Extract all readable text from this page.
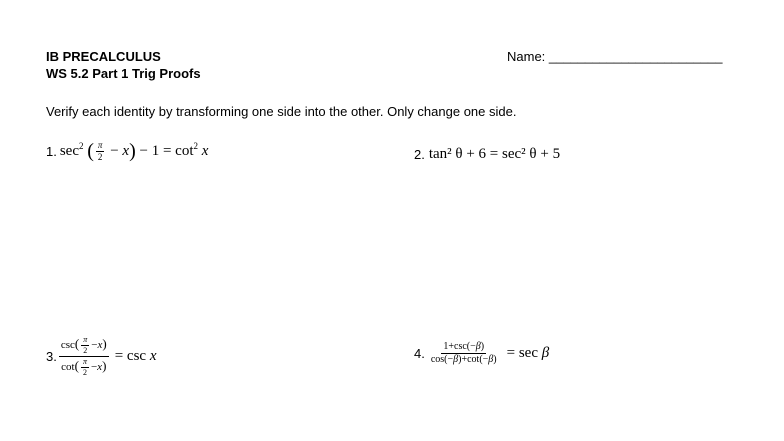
IB PRECALCULUS
WS 5.2 Part 1 Trig Proofs
Name: ________________________
Verify each identity by transforming one side into the other. Only change one side.
1. $\sec^2$ ( $\frac{\pi}{2} - x) - 1 = \cot^2 x$	2. tan² θ + 6 = sec² θ + 5
3. $\frac{\csc( \frac{\pi}{2} -x)}{\cot( \frac{\pi}{2} -x)} = \csc x$	4. $\frac{1+\csc(-\beta)}{\cos(-\beta)+\cot(-\beta)} = \sec \beta$
